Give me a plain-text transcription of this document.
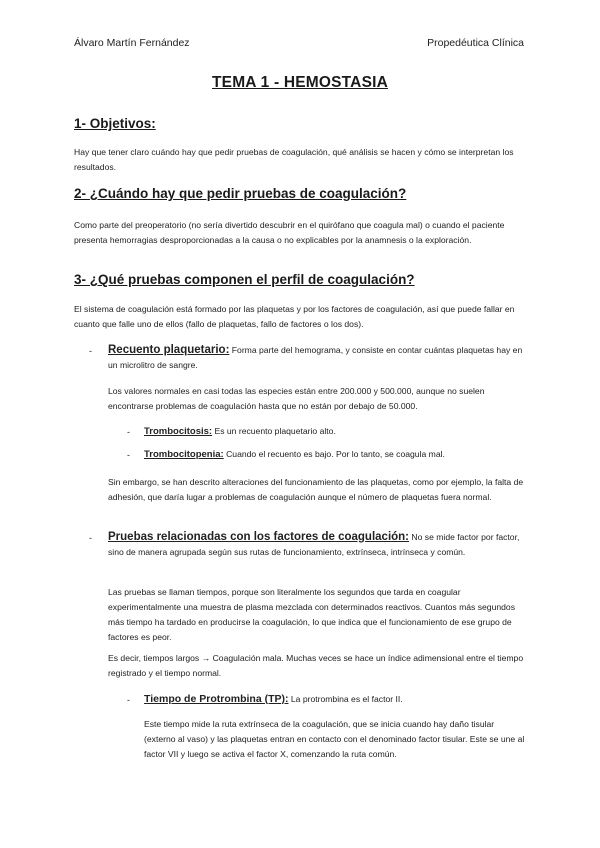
Álvaro Martín Fernández	Propedéutica Clínica
TEMA 1 - HEMOSTASIA
1- Objetivos:
Hay que tener claro cuándo hay que pedir pruebas de coagulación, qué análisis se hacen y cómo se interpretan los resultados.
2- ¿Cuándo hay que pedir pruebas de coagulación?
Como parte del preoperatorio (no sería divertido descubrir en el quirófano que coagula mal) o cuando el paciente presenta hemorragias desproporcionadas a la causa o no explicables por la anamnesis o la exploración.
3- ¿Qué pruebas componen el perfil de coagulación?
El sistema de coagulación está formado por las plaquetas y por los factores de coagulación, así que puede fallar en cuanto que falle uno de ellos (fallo de plaquetas, fallo de factores o los dos).
- Recuento plaquetario: Forma parte del hemograma, y consiste en contar cuántas plaquetas hay en un microlitro de sangre.
Los valores normales en casi todas las especies están entre 200.000 y 500.000, aunque no suelen encontrarse problemas de coagulación hasta que no están por debajo de 50.000.
- Trombocitosis: Es un recuento plaquetario alto.
- Trombocitopenia: Cuando el recuento es bajo. Por lo tanto, se coagula mal.
Sin embargo, se han descrito alteraciones del funcionamiento de las plaquetas, como por ejemplo, la falta de adhesión, que daría lugar a problemas de coagulación aunque el número de plaquetas fuera normal.
- Pruebas relacionadas con los factores de coagulación: No se mide factor por factor, sino de manera agrupada según sus rutas de funcionamiento, extrínseca, intrínseca y común.
Las pruebas se llaman tiempos, porque son literalmente los segundos que tarda en coagular experimentalmente una muestra de plasma mezclada con determinados reactivos. Cuantos más segundos más tiempo ha tardado en producirse la coagulación, lo que indica que el funcionamiento de ese grupo de factores es peor.
Es decir, tiempos largos → Coagulación mala. Muchas veces se hace un índice adimensional entre el tiempo registrado y el tiempo normal.
- Tiempo de Protrombina (TP): La protrombina es el factor II.
Este tiempo mide la ruta extrínseca de la coagulación, que se inicia cuando hay daño tisular (externo al vaso) y las plaquetas entran en contacto con el denominado factor tisular. Este se une al factor VII y luego se activa el factor X, comenzando la ruta común.
